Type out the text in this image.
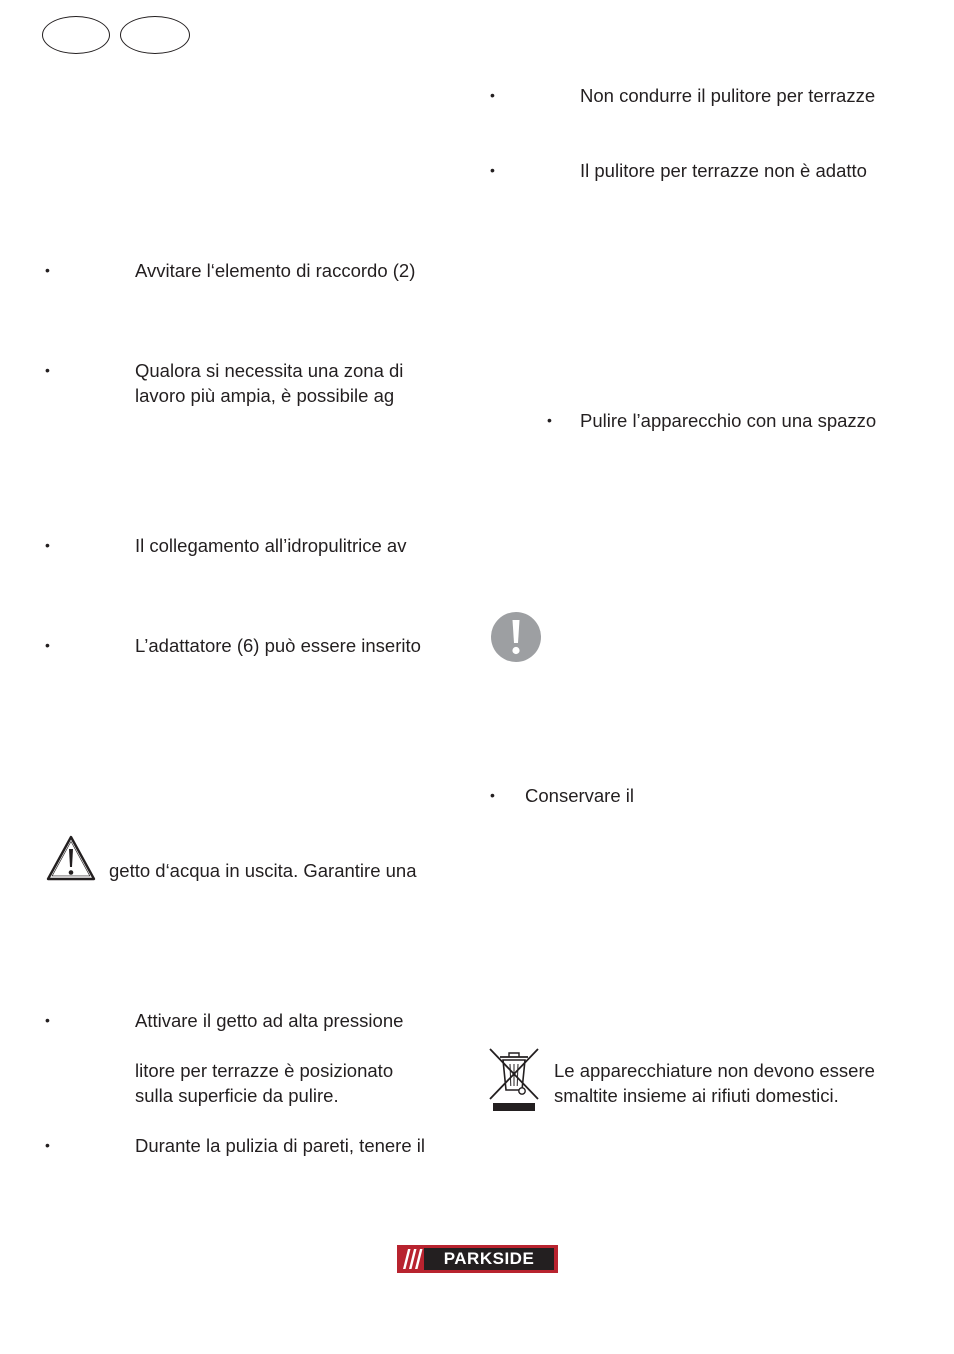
•	Avvitare l‘elemento di raccordo (2)
•	Qualora si necessita una zona di
lavoro più ampia, è possibile ag
•	Il collegamento all’idropulitrice av
•	L’adattatore (6) può essere inserito
getto d‘acqua in uscita. Garantire una
•	Attivare il getto ad alta pressione
litore per terrazze è posizionato
sulla superficie da pulire.
•	Durante la pulizia di pareti, tenere il
•	Non condurre il pulitore per terrazze
•	Il pulitore per terrazze non è adatto
• Pulire l’apparecchio con una spazzo
• Conservare il
Le apparecchiature non devono essere
smaltite insieme ai rifiuti domestici.
PARKSIDE
